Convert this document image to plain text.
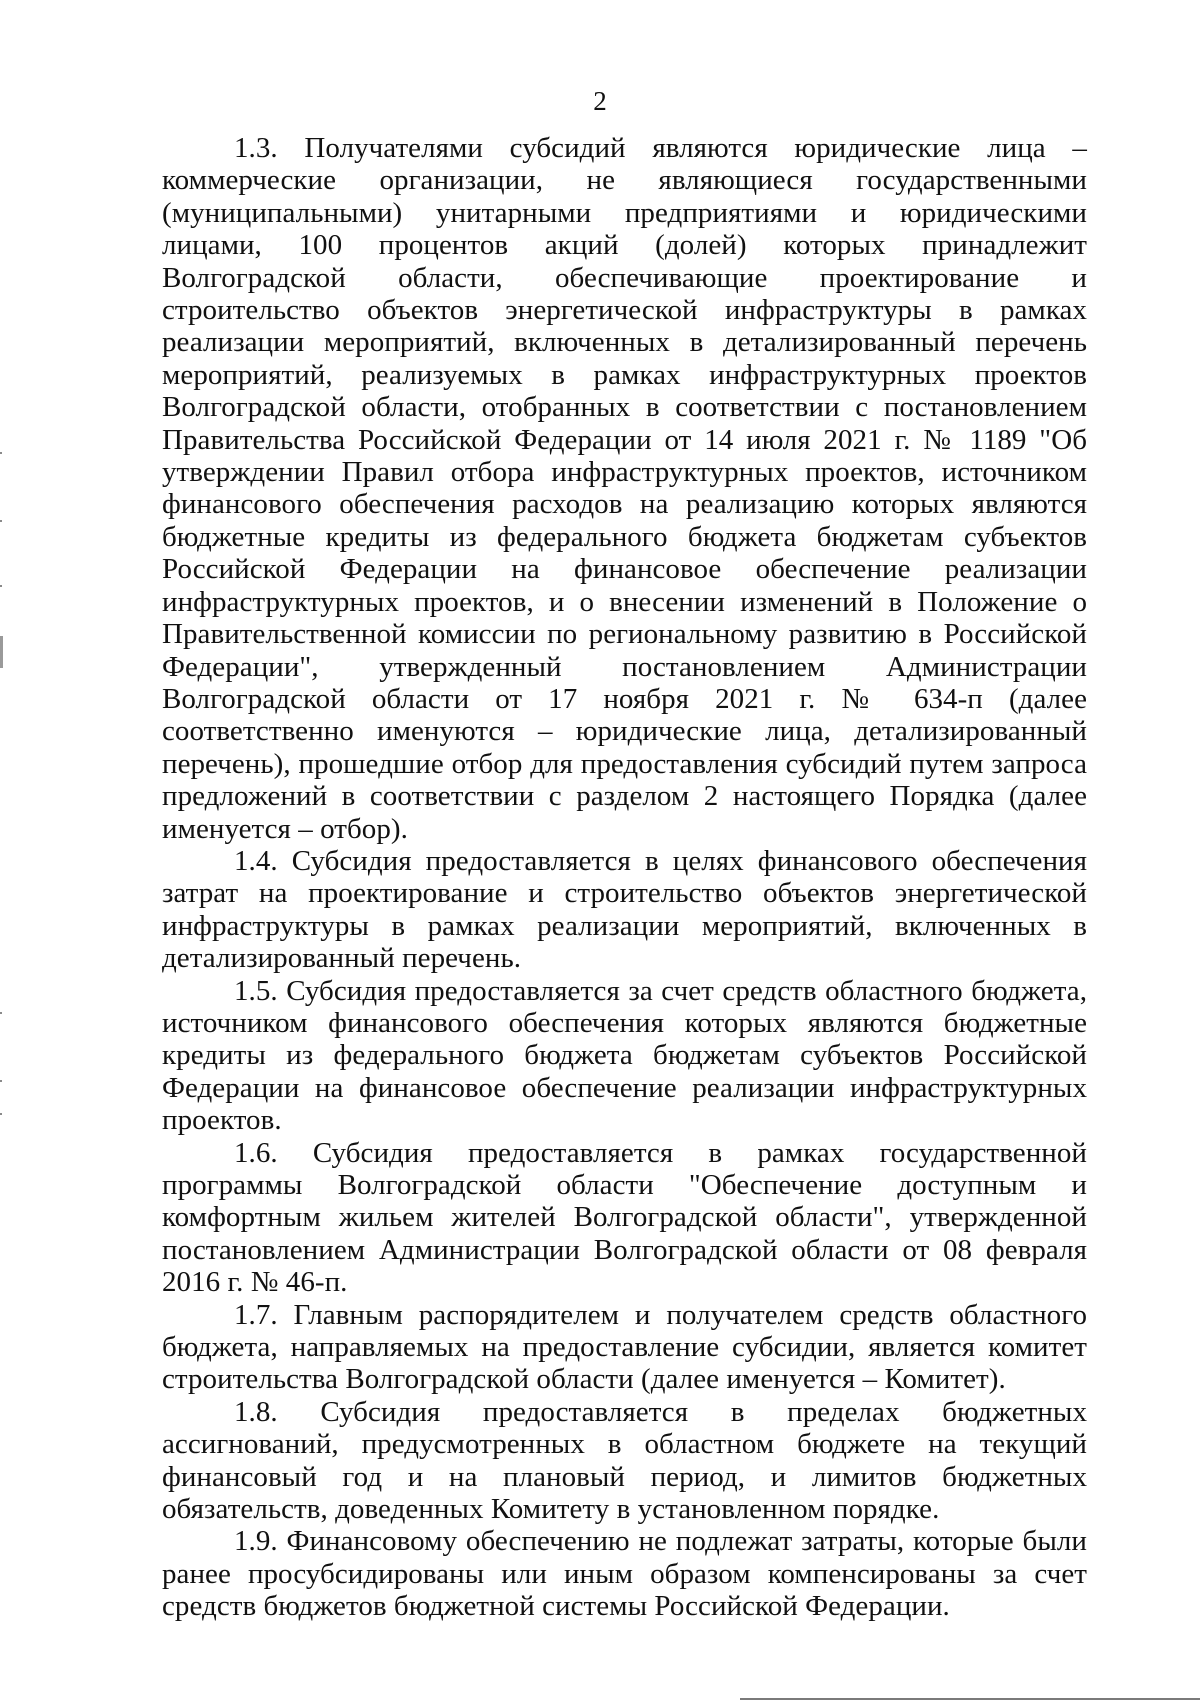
2

1.3. Получателями субсидий являются юридические лица – коммерческие организации, не являющиеся государственными (муниципальными) унитарными предприятиями и юридическими лицами, 100 процентов акций (долей) которых принадлежит Волгоградской области, обеспечивающие проектирование и строительство объектов энергетической инфраструктуры в рамках реализации мероприятий, включенных в детализированный перечень мероприятий, реализуемых в рамках инфраструктурных проектов Волгоградской области, отобранных в соответствии с постановлением Правительства Российской Федерации от 14 июля 2021 г. № 1189 "Об утверждении Правил отбора инфраструктурных проектов, источником финансового обеспечения расходов на реализацию которых являются бюджетные кредиты из федерального бюджета бюджетам субъектов Российской Федерации на финансовое обеспечение реализации инфраструктурных проектов, и о внесении изменений в Положение о Правительственной комиссии по региональному развитию в Российской Федерации", утвержденный постановлением Администрации Волгоградской области от 17 ноября 2021 г. № 634-п (далее соответственно именуются – юридические лица, детализированный перечень), прошедшие отбор для предоставления субсидий путем запроса предложений в соответствии с разделом 2 настоящего Порядка (далее именуется – отбор).

1.4. Субсидия предоставляется в целях финансового обеспечения затрат на проектирование и строительство объектов энергетической инфраструктуры в рамках реализации мероприятий, включенных в детализированный перечень.

1.5. Субсидия предоставляется за счет средств областного бюджета, источником финансового обеспечения которых являются бюджетные кредиты из федерального бюджета бюджетам субъектов Российской Федерации на финансовое обеспечение реализации инфраструктурных проектов.

1.6. Субсидия предоставляется в рамках государственной программы Волгоградской области "Обеспечение доступным и комфортным жильем жителей Волгоградской области", утвержденной постановлением Администрации Волгоградской области от 08 февраля 2016 г. № 46-п.

1.7. Главным распорядителем и получателем средств областного бюджета, направляемых на предоставление субсидии, является комитет строительства Волгоградской области (далее именуется – Комитет).

1.8. Субсидия предоставляется в пределах бюджетных ассигнований, предусмотренных в областном бюджете на текущий финансовый год и на плановый период, и лимитов бюджетных обязательств, доведенных Комитету в установленном порядке.

1.9. Финансовому обеспечению не подлежат затраты, которые были ранее просубсидированы или иным образом компенсированы за счет средств бюджетов бюджетной системы Российской Федерации.
